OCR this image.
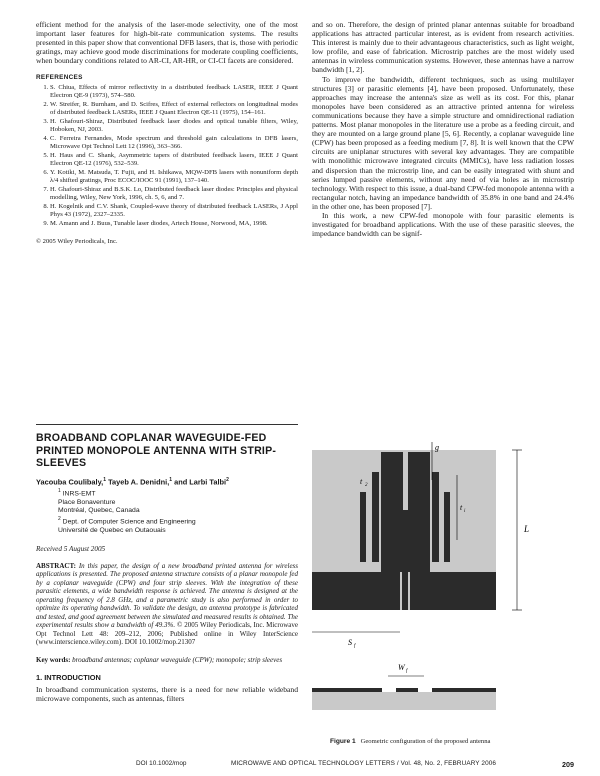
efficient method for the analysis of the laser-mode selectivity, one of the most important laser features for high-bit-rate communication systems. The results presented in this paper show that conventional DFB lasers, that is, those with periodic gratings, may achieve good mode discriminations for moderate coupling coefficients, when boundary conditions related to AR-CI, AR-HR, or CI-CI facets are considered.

REFERENCES
1. S. Chiua, Effects of mirror reflectivity in a distributed feedback LASER, IEEE J Quant Electron QE-9 (1973), 574–580.
2. W. Streifer, R. Burnham, and D. Scifres, Effect of external reflectors on longitudinal modes of distributed feedback LASERs, IEEE J Quant Electron QE-11 (1975), 154–161.
3. H. Ghafouri-Shiraz, Distributed feedback laser diodes and optical tunable filters, Wiley, Hoboken, NJ, 2003.
4. C. Ferreira Fernandes, Mode spectrum and threshold gain calculations in DFB lasers, Microwave Opt Technol Lett 12 (1996), 363–366.
5. H. Haus and C. Shank, Asymmetric tapers of distributed feedback lasers, IEEE J Quant Electron QE-12 (1976), 532–539.
6. Y. Kotiki, M. Matsuda, T. Fujii, and H. Ishikawa, MQW-DFB lasers with nonuniform depth λ/4 shifted gratings, Proc ECOC/IOOC 91 (1991), 137–140.
7. H. Ghafouri-Shiraz and B.S.K. Lo, Distributed feedback laser diodes: Principles and physical modelling, Wiley, New York, 1996, ch. 5, 6, and 7.
8. H. Kogelnik and C.V. Shank, Coupled-wave theory of distributed feedback LASERs, J Appl Phys 43 (1972), 2327–2335.
9. M. Amann and J. Buus, Tunable laser diodes, Artech House, Norwood, MA, 1998.

© 2005 Wiley Periodicals, Inc.

BROADBAND COPLANAR WAVEGUIDE-FED PRINTED MONOPOLE ANTENNA WITH STRIP-SLEEVES
Yacouba Coulibaly,$^1$ Tayeb A. Denidni,$^1$ and Larbi Talbi$^2$
$^1$ INRS-EMT
Place Bonaventure
Montréal, Quebec, Canada
$^2$ Dept. of Computer Science and Engineering
Université de Quebec en Outaouais
Received 5 August 2005

ABSTRACT: In this paper, the design of a new broadband printed antenna for wireless applications is presented. The proposed antenna structure consists of a planar monopole fed by a coplanar waveguide (CPW) and four strip sleeves. With the integration of these parasitic elements, a wide bandwidth response is achieved. The antenna is designed at the operating frequency of 2.8 GHz, and a parametric study is also performed in order to optimize its operating bandwidth. To validate the design, an antenna prototype is fabricated and tested, and good agreement between the simulated and measured results is obtained. The experimental results show a bandwidth of 49.3%. © 2005 Wiley Periodicals, Inc. Microwave Opt Technol Lett 48: 209–212, 2006; Published online in Wiley InterScience (www.interscience.wiley.com). DOI 10.1002/mop.21307

Key words: broadband antennas; coplanar waveguide (CPW); monopole; strip sleeves

1. INTRODUCTION

In broadband communication systems, there is a need for new reliable wideband microwave components, such as antennas, filters

and so on. Therefore, the design of printed planar antennas suitable for broadband applications has attracted particular interest, as is evident from research activities. This interest is mainly due to their advantageous characteristics, such as light weight, low profile, and ease of fabrication. Microstrip patches are the most widely used antennas in wireless communication systems. However, these antennas have a narrow bandwidth [1, 2].

To improve the bandwidth, different techniques, such as using multilayer structures [3] or parasitic elements [4], have been proposed. Unfortunately, these approaches may increase the antenna's size as well as its cost. For this, planar monopoles have been considered as an attractive printed antenna for wireless communications because they have a simple structure and omnidirectional radiation patterns. Most planar monopoles in the literature use a probe as a feeding circuit, and they are mounted on a large ground plane [5, 6]. Recently, a coplanar waveguide line (CPW) has been proposed as a feeding medium [7, 8]. It is well known that the CPW circuits are uniplanar structures with several key advantages. They are compatible with monolithic microwave integrated circuits (MMICs), have less radiation losses and dispersion than the microstrip line, and can be easily integrated with shunt and series lumped passive elements, without any need of via holes as in microstrip technology. With respect to this issue, a dual-band CPW-fed monopole antenna with a rectangular notch, having an impedance bandwidth of 35.8% in one band and 24.4% in the other one, has been proposed [7].

In this work, a new CPW-fed monopole with four parasitic elements is investigated for broadband applications. With the use of these parasitic sleeves, the impedance bandwidth can be signif-

g
t 2
t i
L
S f
W f
Figure 1 Geometric configuration of the proposed antenna
DOI 10.1002/mop	MICROWAVE AND OPTICAL TECHNOLOGY LETTERS / Vol. 48, No. 2, FEBRUARY 2006	209
